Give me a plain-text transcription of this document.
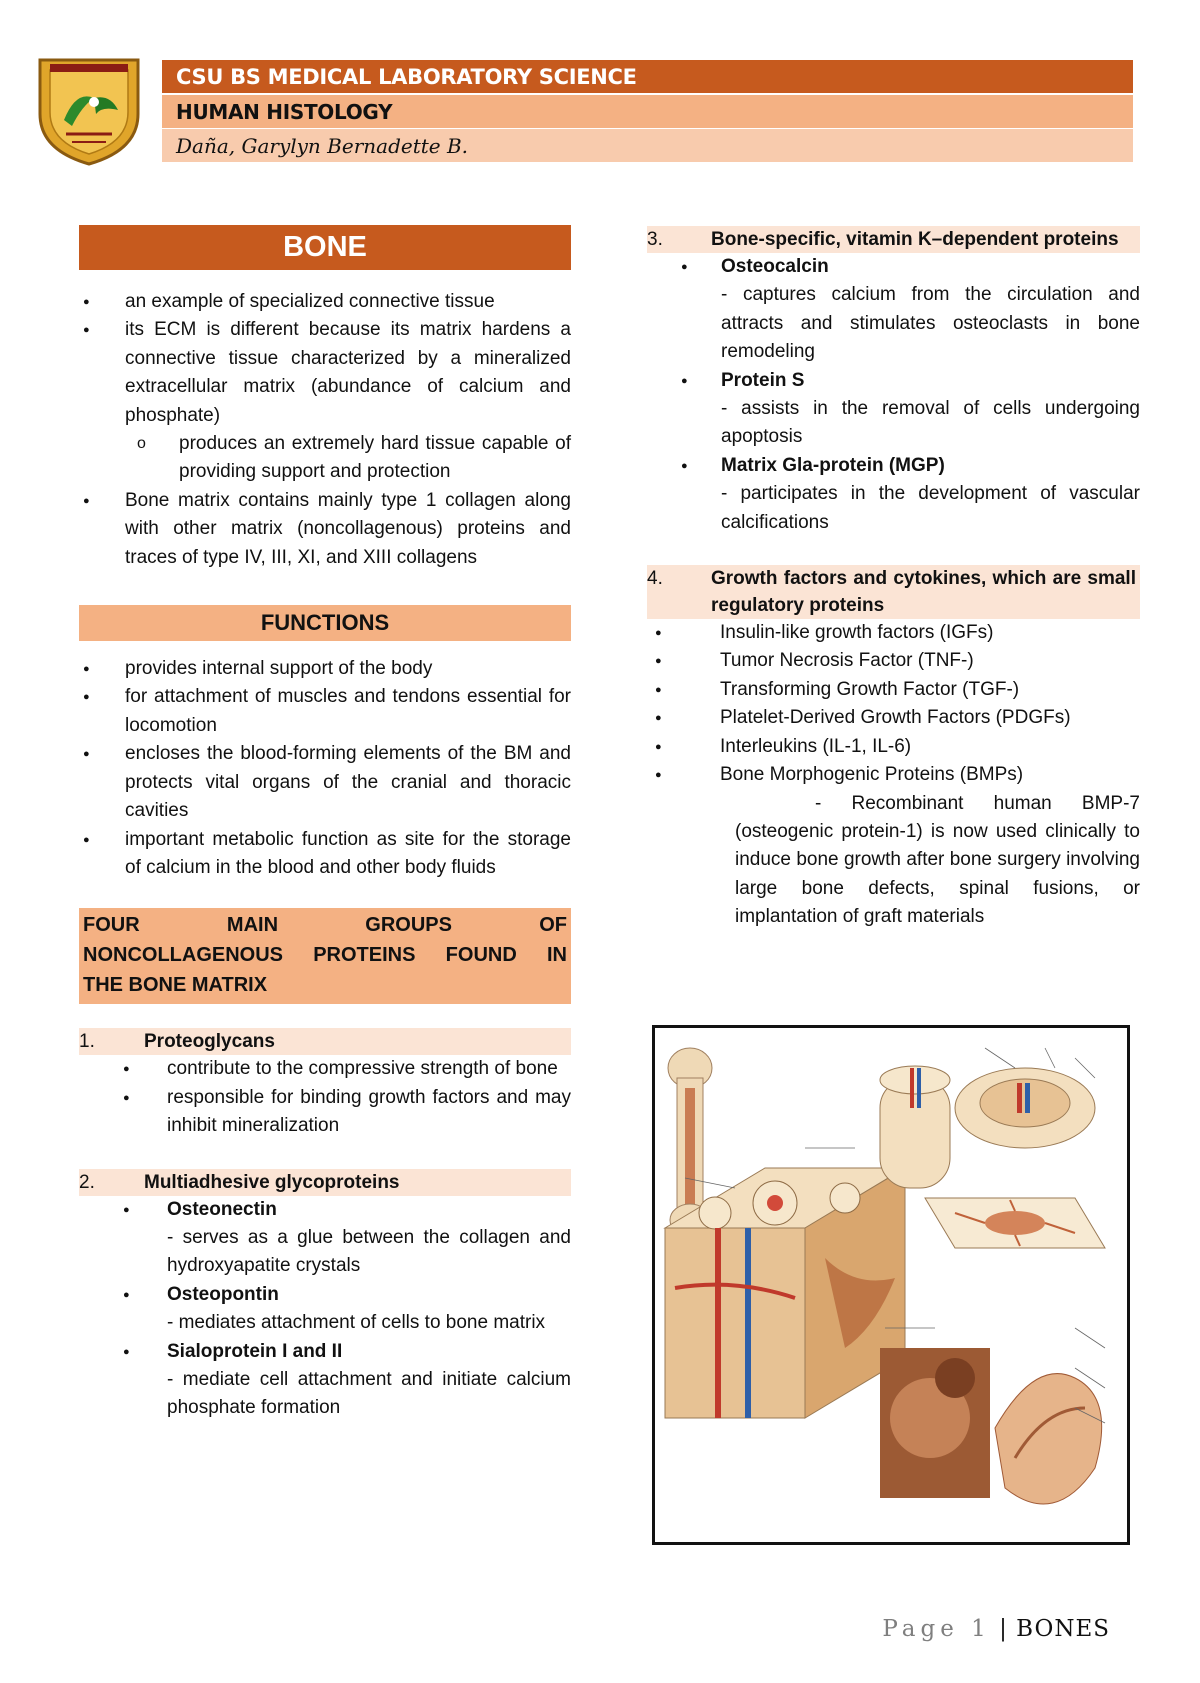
CSU BS MEDICAL LABORATORY SCIENCE
HUMAN HISTOLOGY
Daña, Garylyn Bernadette B.
BONE
● an example of specialized connective tissue
● its ECM is different because its matrix hardens a connective tissue characterized by a mineralized extracellular matrix (abundance of calcium and phosphate)
o produces an extremely hard tissue capable of providing support and protection
● Bone matrix contains mainly type 1 collagen along with other matrix (noncollagenous) proteins and traces of type IV, III, XI, and XIII collagens
FUNCTIONS
● provides internal support of the body
● for attachment of muscles and tendons essential for locomotion
● encloses the blood-forming elements of the BM and protects vital organs of the cranial and thoracic cavities
● important metabolic function as site for the storage of calcium in the blood and other body fluids
FOUR MAIN GROUPS OF
NONCOLLAGENOUS PROTEINS FOUND IN
THE BONE MATRIX
1.	Proteoglycans
● contribute to the compressive strength of bone
● responsible for binding growth factors and may inhibit mineralization
2.	Multiadhesive glycoproteins
● Osteonectin
- serves as a glue between the collagen and hydroxyapatite crystals
● Osteopontin
- mediates attachment of cells to bone matrix
● Sialoprotein I and II
- mediate cell attachment and initiate calcium phosphate formation
3.	Bone-specific, vitamin K–dependent proteins
● Osteocalcin
- captures calcium from the circulation and attracts and stimulates osteoclasts in bone remodeling
● Protein S
- assists in the removal of cells undergoing apoptosis
● Matrix Gla-protein (MGP)
- participates in the development of vascular calcifications
4.	Growth factors and cytokines, which are small regulatory proteins
● Insulin-like growth factors (IGFs)
● Tumor Necrosis Factor (TNF-)
● Transforming Growth Factor (TGF-)
● Platelet-Derived Growth Factors (PDGFs)
● Interleukins (IL-1, IL-6)
● Bone Morphogenic Proteins (BMPs)
- Recombinant human BMP-7 (osteogenic protein-1) is now used clinically to induce bone growth after bone surgery involving large bone defects, spinal fusions, or implantation of graft materials
Page 1 | BONES
